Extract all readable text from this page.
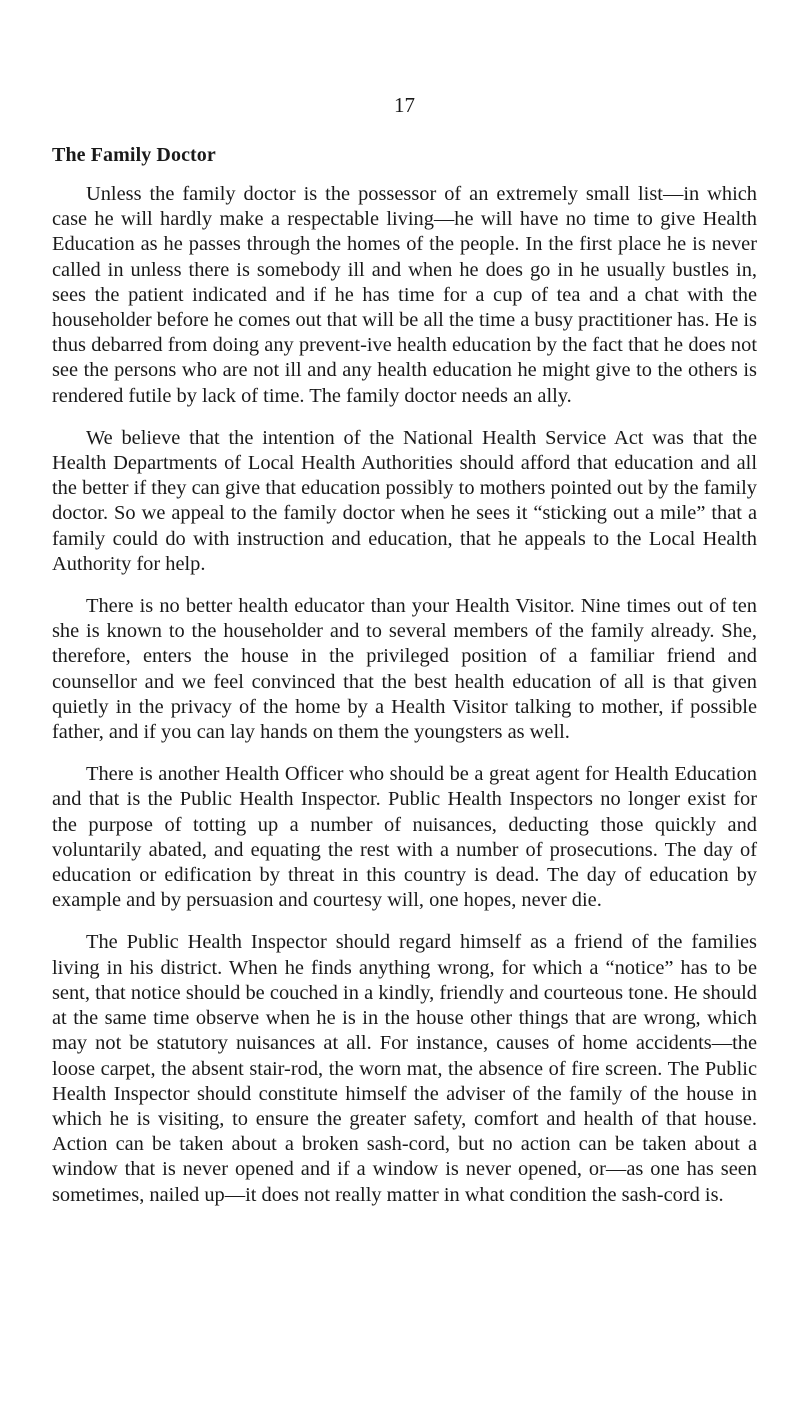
17
The Family Doctor

Unless the family doctor is the possessor of an extremely small list—in which case he will hardly make a respectable living—he will have no time to give Health Education as he passes through the homes of the people. In the first place he is never called in unless there is somebody ill and when he does go in he usually bustles in, sees the patient indicated and if he has time for a cup of tea and a chat with the householder before he comes out that will be all the time a busy practitioner has. He is thus debarred from doing any prevent-ive health education by the fact that he does not see the persons who are not ill and any health education he might give to the others is rendered futile by lack of time. The family doctor needs an ally.

We believe that the intention of the National Health Service Act was that the Health Departments of Local Health Authorities should afford that education and all the better if they can give that education possibly to mothers pointed out by the family doctor. So we appeal to the family doctor when he sees it “sticking out a mile” that a family could do with instruction and education, that he appeals to the Local Health Authority for help.

There is no better health educator than your Health Visitor. Nine times out of ten she is known to the householder and to several members of the family already. She, therefore, enters the house in the privileged position of a familiar friend and counsellor and we feel convinced that the best health education of all is that given quietly in the privacy of the home by a Health Visitor talking to mother, if possible father, and if you can lay hands on them the youngsters as well.

There is another Health Officer who should be a great agent for Health Education and that is the Public Health Inspector. Public Health Inspectors no longer exist for the purpose of totting up a number of nuisances, deducting those quickly and voluntarily abated, and equating the rest with a number of prosecutions. The day of education or edification by threat in this country is dead. The day of education by example and by persuasion and courtesy will, one hopes, never die.

The Public Health Inspector should regard himself as a friend of the families living in his district. When he finds anything wrong, for which a “notice” has to be sent, that notice should be couched in a kindly, friendly and courteous tone. He should at the same time observe when he is in the house other things that are wrong, which may not be statutory nuisances at all. For instance, causes of home accidents—the loose carpet, the absent stair-rod, the worn mat, the absence of fire screen. The Public Health Inspector should constitute himself the adviser of the family of the house in which he is visiting, to ensure the greater safety, comfort and health of that house. Action can be taken about a broken sash-cord, but no action can be taken about a window that is never opened and if a window is never opened, or—as one has seen sometimes, nailed up—it does not really matter in what condition the sash-cord is.
